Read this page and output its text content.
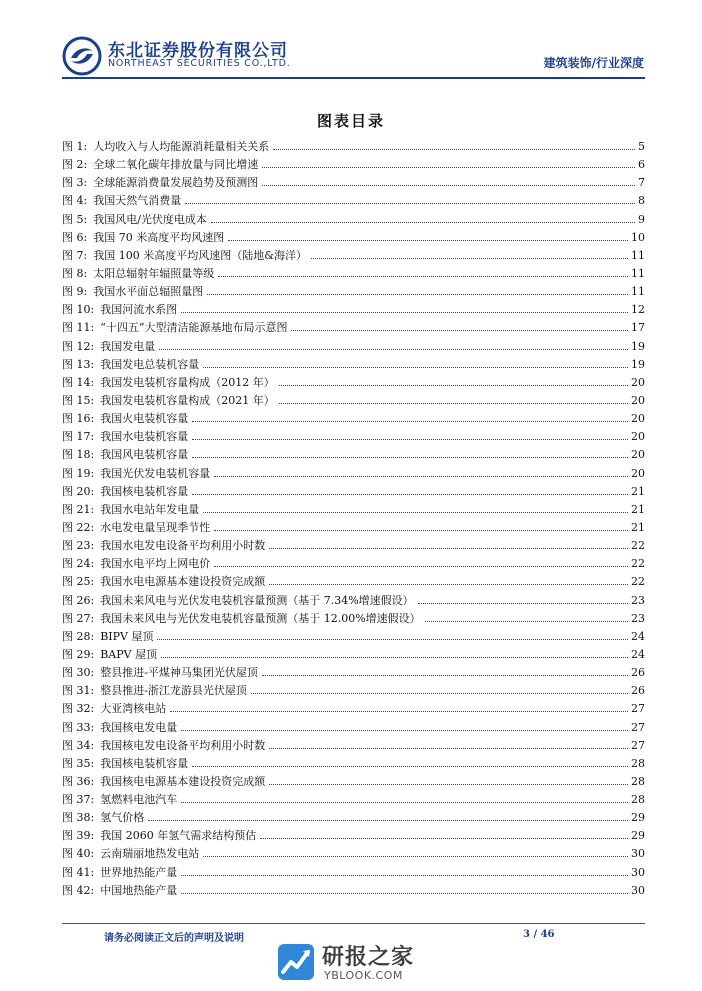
东北证券股份有限公司
NORTHEAST SECURITIES CO.,LTD.	建筑装饰/行业深度
图表目录
图 1: 人均收入与人均能源消耗量相关关系	5
图 2: 全球二氧化碳年排放量与同比增速	6
图 3: 全球能源消费量发展趋势及预测图	7
图 4: 我国天然气消费量	8
图 5: 我国风电/光伏度电成本	9
图 6: 我国 70 米高度平均风速图	10
图 7: 我国 100 米高度平均风速图（陆地&海洋）	11
图 8: 太阳总辐射年辐照量等级	11
图 9: 我国水平面总辐照量图	11
图 10: 我国河流水系图	12
图 11: “十四五”大型清洁能源基地布局示意图	17
图 12: 我国发电量	19
图 13: 我国发电总装机容量	19
图 14: 我国发电装机容量构成（2012 年）	20
图 15: 我国发电装机容量构成（2021 年）	20
图 16: 我国火电装机容量	20
图 17: 我国水电装机容量	20
图 18: 我国风电装机容量	20
图 19: 我国光伏发电装机容量	20
图 20: 我国核电装机容量	21
图 21: 我国水电站年发电量	21
图 22: 水电发电量呈现季节性	21
图 23: 我国水电发电设备平均利用小时数	22
图 24: 我国水电平均上网电价	22
图 25: 我国水电电源基本建设投资完成额	22
图 26: 我国未来风电与光伏发电装机容量预测（基于 7.34%增速假设）	23
图 27: 我国未来风电与光伏发电装机容量预测（基于 12.00%增速假设）	23
图 28: BIPV 屋顶	24
图 29: BAPV 屋顶	24
图 30: 整县推进-平煤神马集团光伏屋顶	26
图 31: 整县推进-浙江龙游县光伏屋顶	26
图 32: 大亚湾核电站	27
图 33: 我国核电发电量	27
图 34: 我国核电发电设备平均利用小时数	27
图 35: 我国核电装机容量	28
图 36: 我国核电电源基本建设投资完成额	28
图 37: 氢燃料电池汽车	28
图 38: 氢气价格	29
图 39: 我国 2060 年氢气需求结构预估	29
图 40: 云南瑞丽地热发电站	30
图 41: 世界地热能产量	30
图 42: 中国地热能产量	30
请务必阅读正文后的声明及说明	3 / 46
研报之家
YBLOOK.COM
